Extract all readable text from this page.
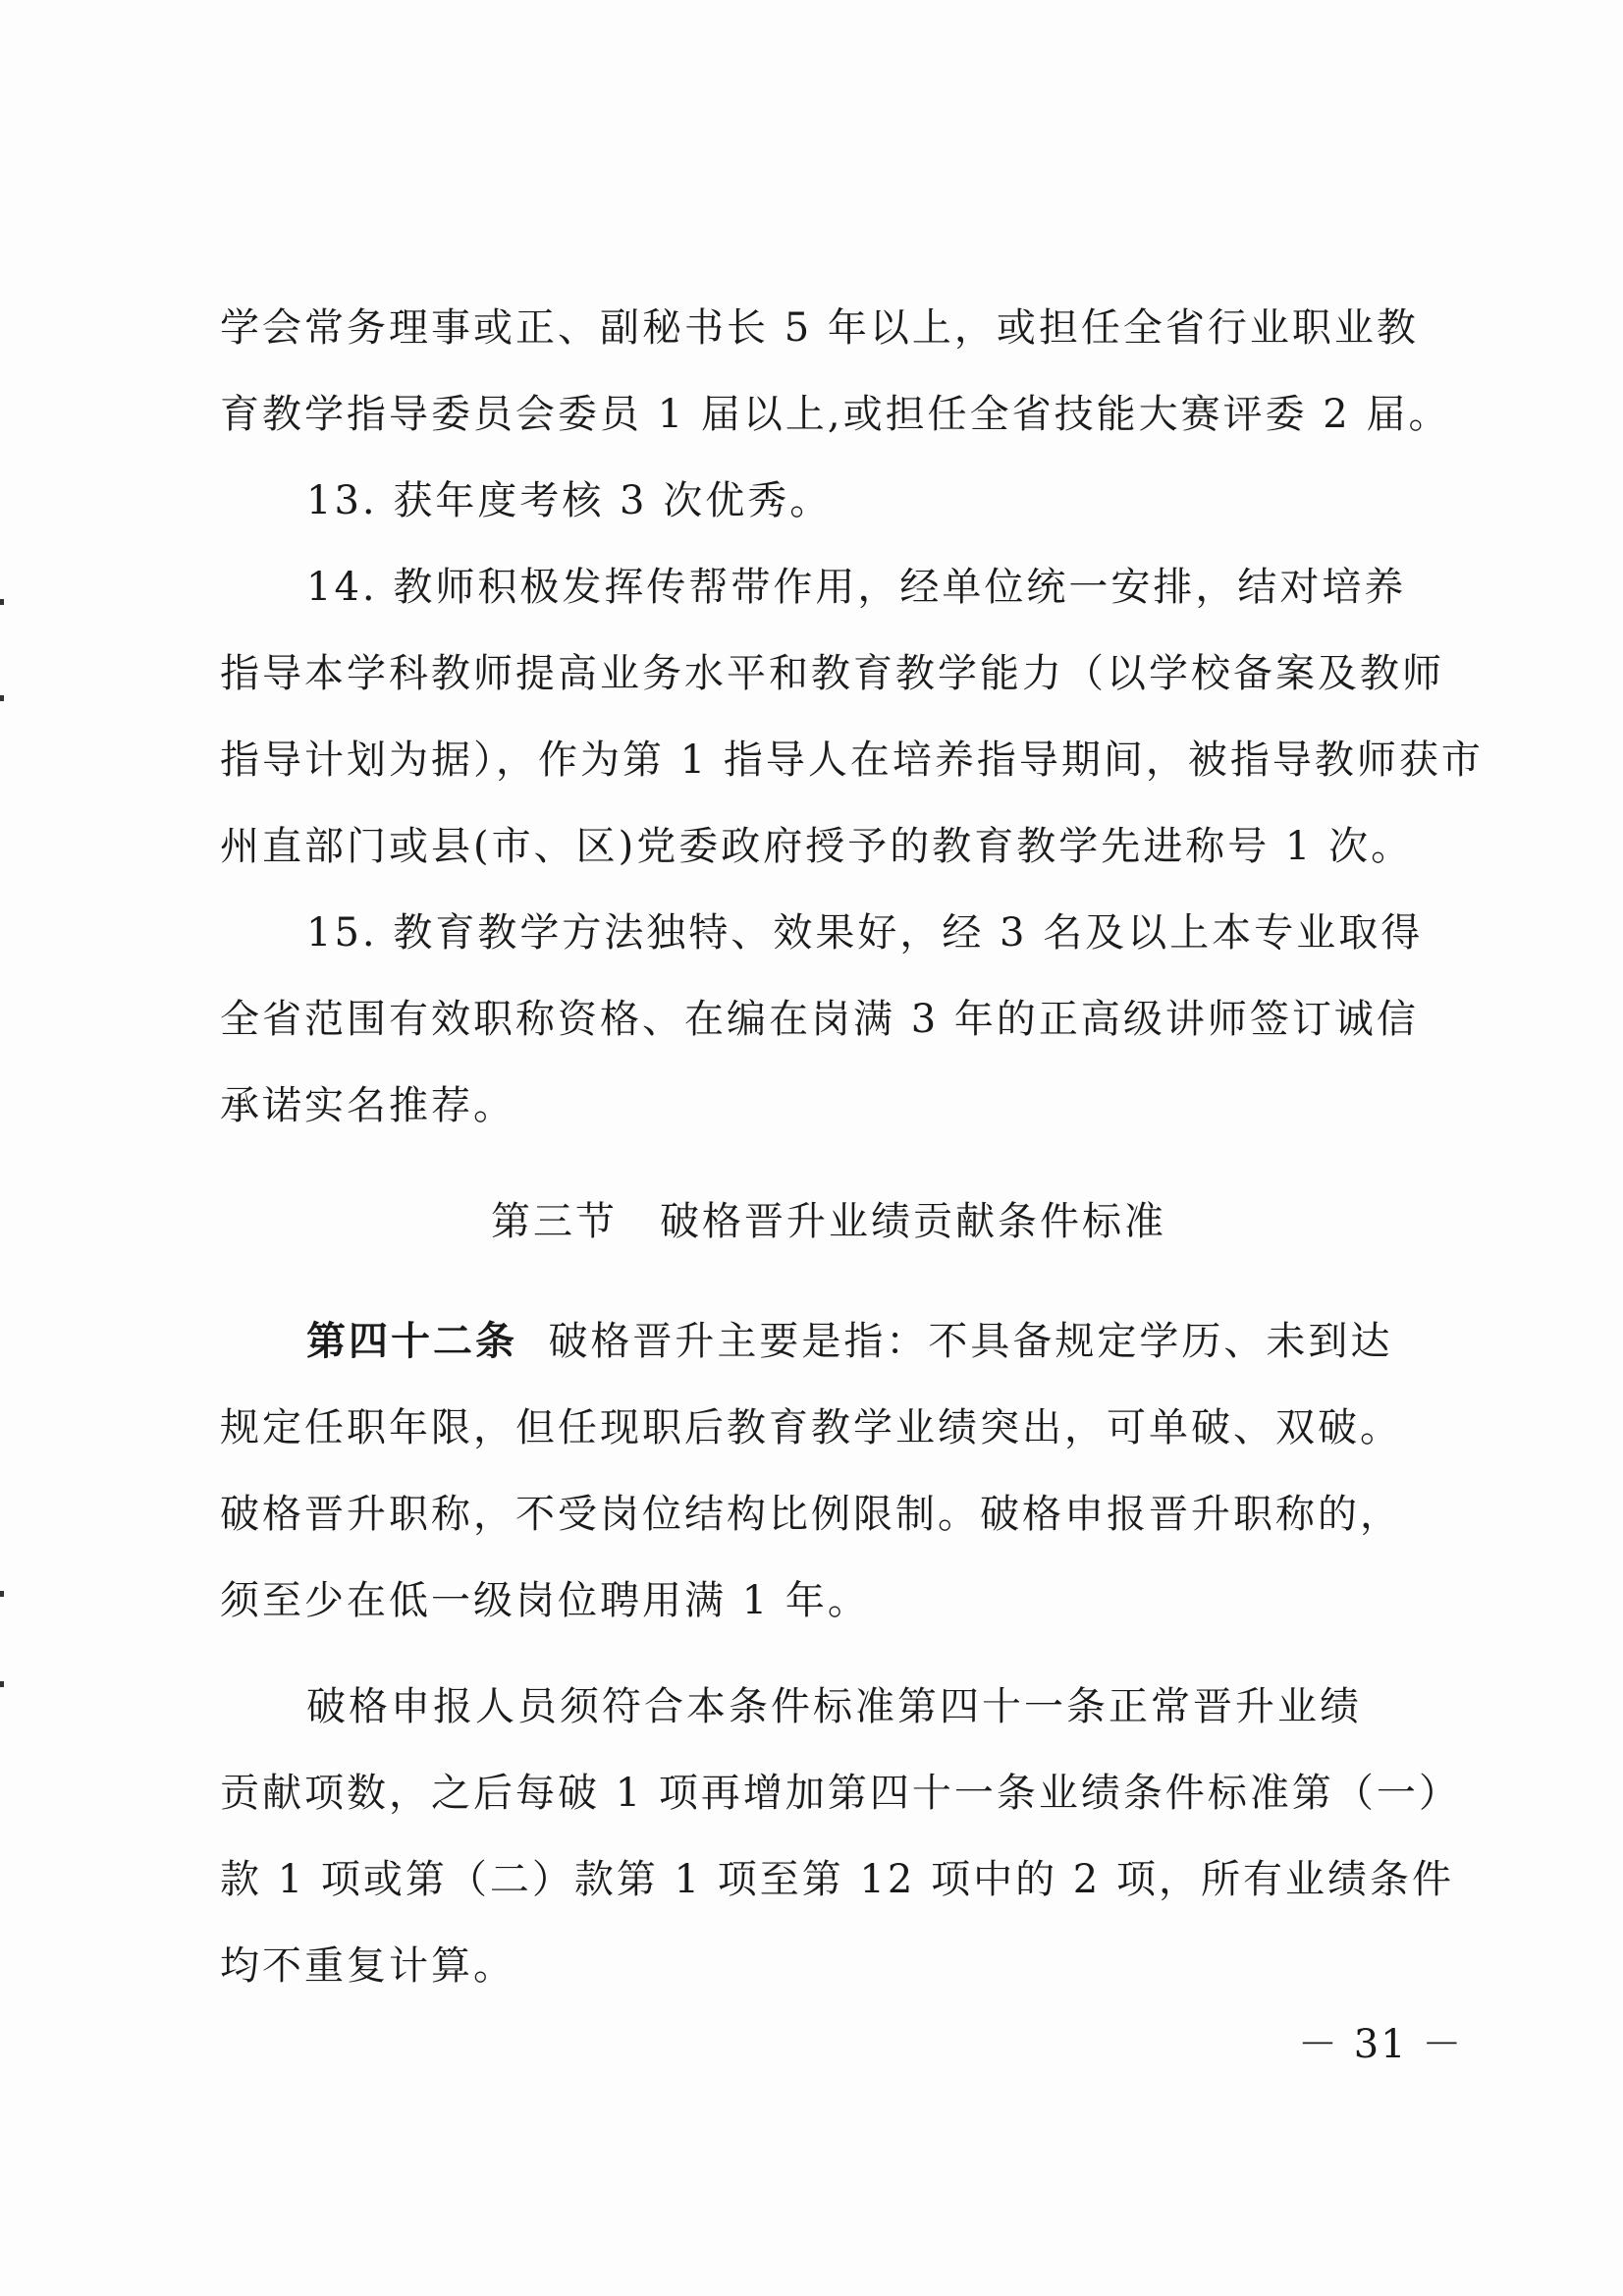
学会常务理事或正、副秘书长 5 年以上，或担任全省行业职业教
育教学指导委员会委员 1 届以上,或担任全省技能大赛评委 2 届。
13. 获年度考核 3 次优秀。
14. 教师积极发挥传帮带作用，经单位统一安排，结对培养
指导本学科教师提高业务水平和教育教学能力（以学校备案及教师
指导计划为据），作为第 1 指导人在培养指导期间，被指导教师获市
州直部门或县(市、区)党委政府授予的教育教学先进称号 1 次。
15. 教育教学方法独特、效果好，经 3 名及以上本专业取得
全省范围有效职称资格、在编在岗满 3 年的正高级讲师签订诚信
承诺实名推荐。
第三节　破格晋升业绩贡献条件标准
第四十二条 破格晋升主要是指：不具备规定学历、未到达
规定任职年限，但任现职后教育教学业绩突出，可单破、双破。
破格晋升职称，不受岗位结构比例限制。破格申报晋升职称的，
须至少在低一级岗位聘用满 1 年。
破格申报人员须符合本条件标准第四十一条正常晋升业绩
贡献项数，之后每破 1 项再增加第四十一条业绩条件标准第（一）
款 1 项或第（二）款第 1 项至第 12 项中的 2 项，所有业绩条件
均不重复计算。
－ 31 －
